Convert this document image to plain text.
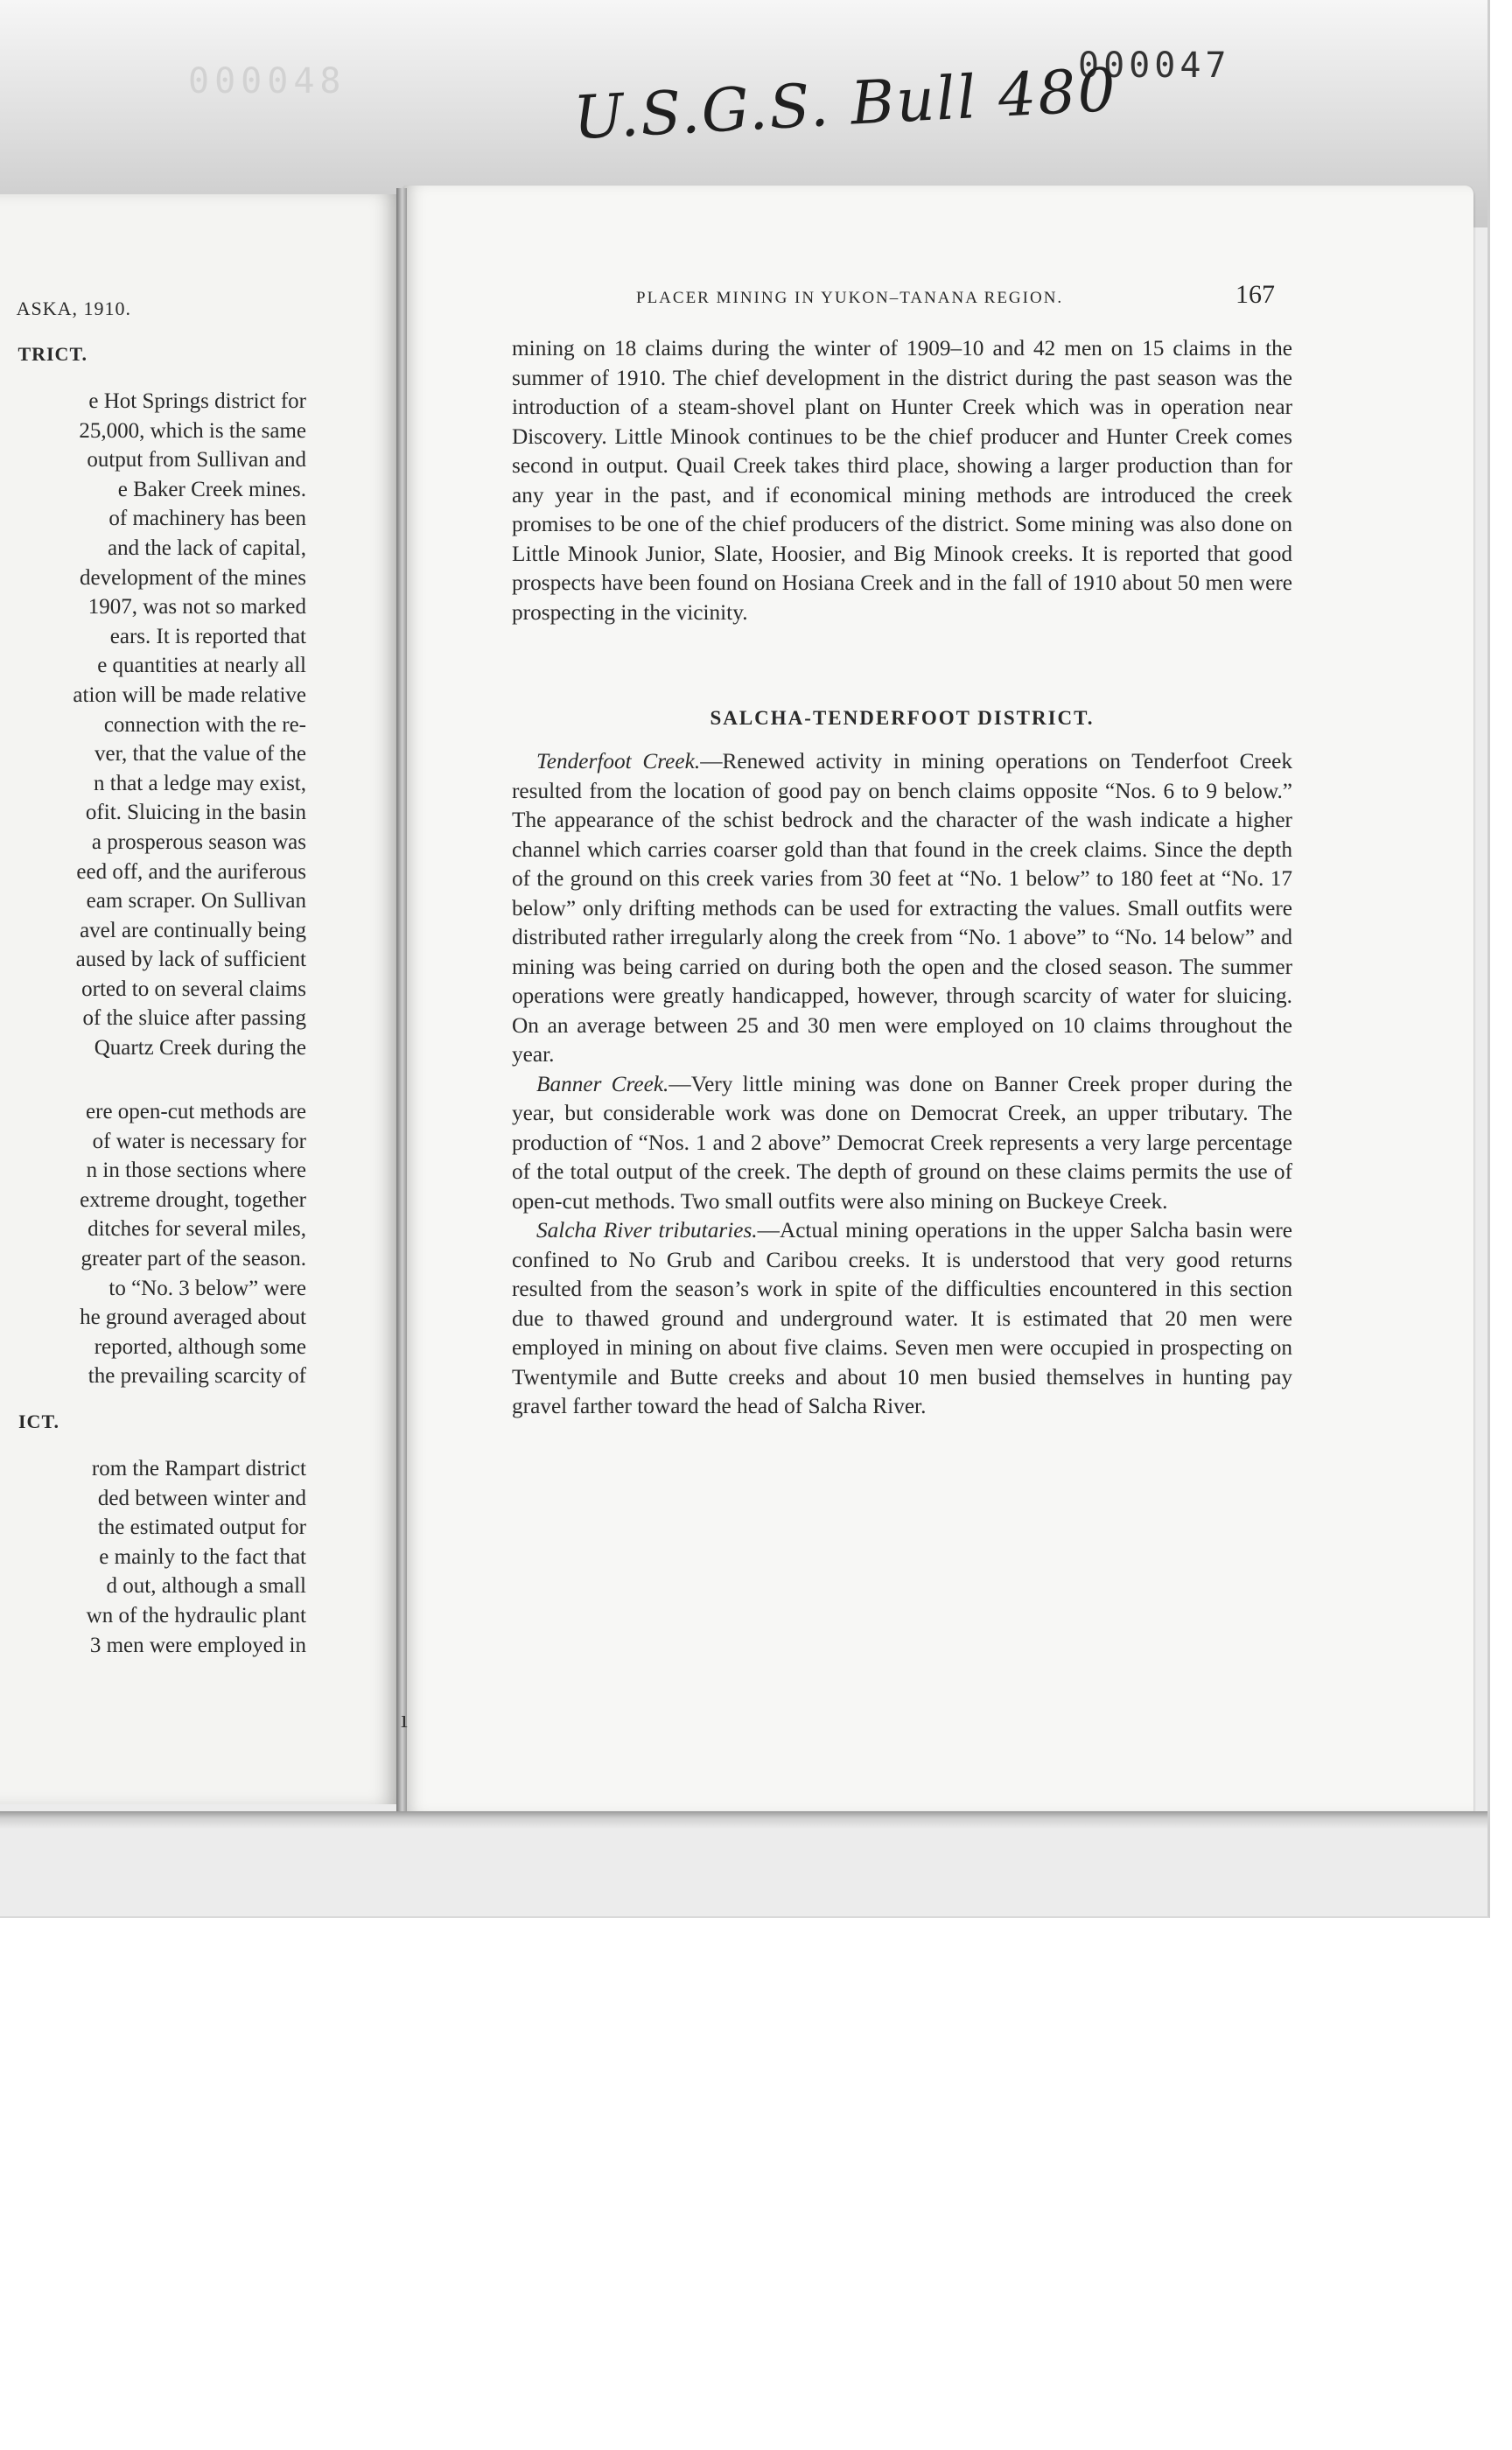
000048	000047
U.S.G.S. Bull 480
ASKA, 1910.
TRICT.
e Hot Springs district for
25,000, which is the same
output from Sullivan and
e Baker Creek mines.
of machinery has been
and the lack of capital,
development of the mines
1907, was not so marked
ears. It is reported that
e quantities at nearly all
ation will be made relative
connection with the re-
ver, that the value of the
n that a ledge may exist,
ofit. Sluicing in the basin
a prosperous season was
eed off, and the auriferous
eam scraper. On Sullivan
avel are continually being
aused by lack of sufficient
orted to on several claims
of the sluice after passing
Quartz Creek during the
ere open-cut methods are
of water is necessary for
n in those sections where
extreme drought, together
ditches for several miles,
greater part of the season.
to “No. 3 below” were
he ground averaged about
reported, although some
the prevailing scarcity of
ICT.
rom the Rampart district
ded between winter and
the estimated output for
e mainly to the fact that
d out, although a small
wn of the hydraulic plant
3 men were employed in
PLACER MINING IN YUKON–TANANA REGION.	167

mining on 18 claims during the winter of 1909–10 and 42 men on 15 claims in the summer of 1910. The chief development in the district during the past season was the introduction of a steam-shovel plant on Hunter Creek which was in operation near Discovery. Little Minook continues to be the chief producer and Hunter Creek comes second in output. Quail Creek takes third place, showing a larger production than for any year in the past, and if economical mining methods are introduced the creek promises to be one of the chief producers of the district. Some mining was also done on Little Minook Junior, Slate, Hoosier, and Big Minook creeks. It is reported that good prospects have been found on Hosiana Creek and in the fall of 1910 about 50 men were prospecting in the vicinity.

SALCHA-TENDERFOOT DISTRICT.

Tenderfoot Creek.—Renewed activity in mining operations on Tenderfoot Creek resulted from the location of good pay on bench claims opposite “Nos. 6 to 9 below.” The appearance of the schist bedrock and the character of the wash indicate a higher channel which carries coarser gold than that found in the creek claims. Since the depth of the ground on this creek varies from 30 feet at “No. 1 below” to 180 feet at “No. 17 below” only drifting methods can be used for extracting the values. Small outfits were distributed rather irregularly along the creek from “No. 1 above” to “No. 14 below” and mining was being carried on during both the open and the closed season. The summer operations were greatly handicapped, however, through scarcity of water for sluicing. On an average between 25 and 30 men were employed on 10 claims throughout the year.

Banner Creek.—Very little mining was done on Banner Creek proper during the year, but considerable work was done on Democrat Creek, an upper tributary. The production of “Nos. 1 and 2 above” Democrat Creek represents a very large percentage of the total output of the creek. The depth of ground on these claims permits the use of open-cut methods. Two small outfits were also mining on Buckeye Creek.

Salcha River tributaries.—Actual mining operations in the upper Salcha basin were confined to No Grub and Caribou creeks. It is understood that very good returns resulted from the season’s work in spite of the difficulties encountered in this section due to thawed ground and underground water. It is estimated that 20 men were employed in mining on about five claims. Seven men were occupied in prospecting on Twentymile and Butte creeks and about 10 men busied themselves in hunting pay gravel farther toward the head of Salcha River.

ı
